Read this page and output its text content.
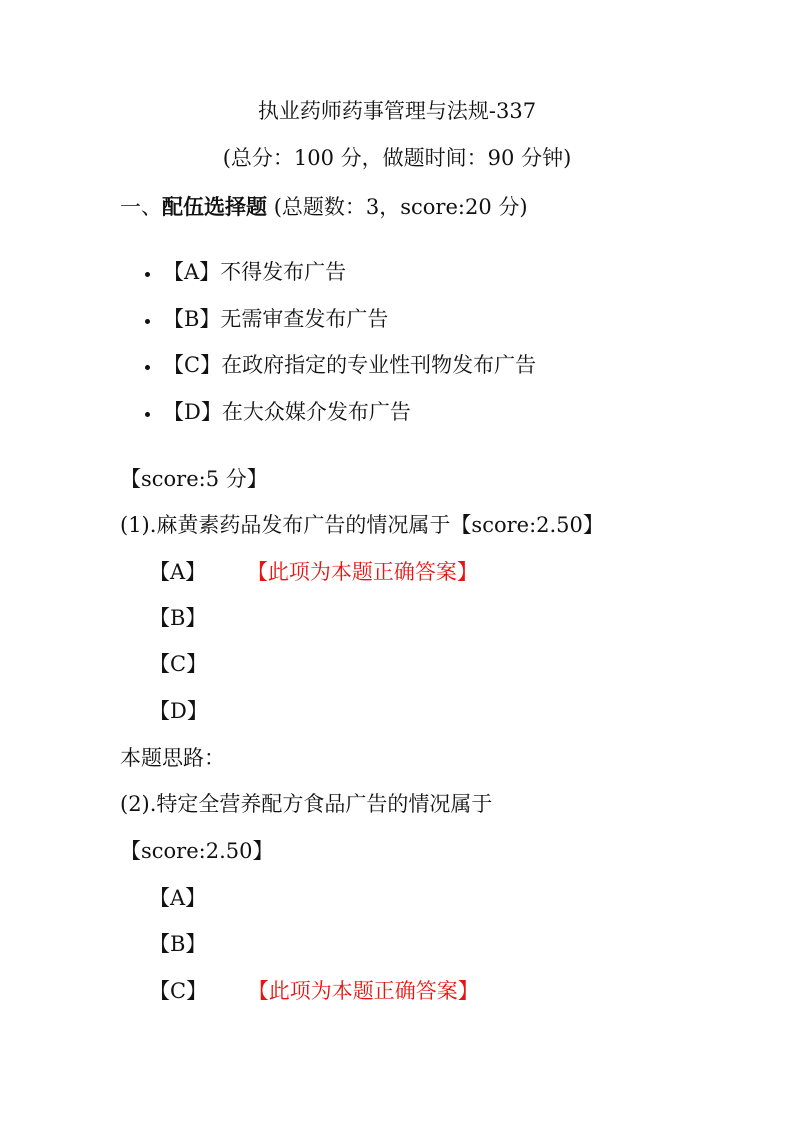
执业药师药事管理与法规-337
(总分：100 分，做题时间：90 分钟)
一、配伍选择题 (总题数：3，score:20 分)
【A】不得发布广告
【B】无需审查发布广告
【C】在政府指定的专业性刊物发布广告
【D】在大众媒介发布广告
【score:5 分】
(1).麻黄素药品发布广告的情况属于【score:2.50】
【A】 【此项为本题正确答案】
【B】
【C】
【D】
本题思路：
(2).特定全营养配方食品广告的情况属于
【score:2.50】
【A】
【B】
【C】 【此项为本题正确答案】
